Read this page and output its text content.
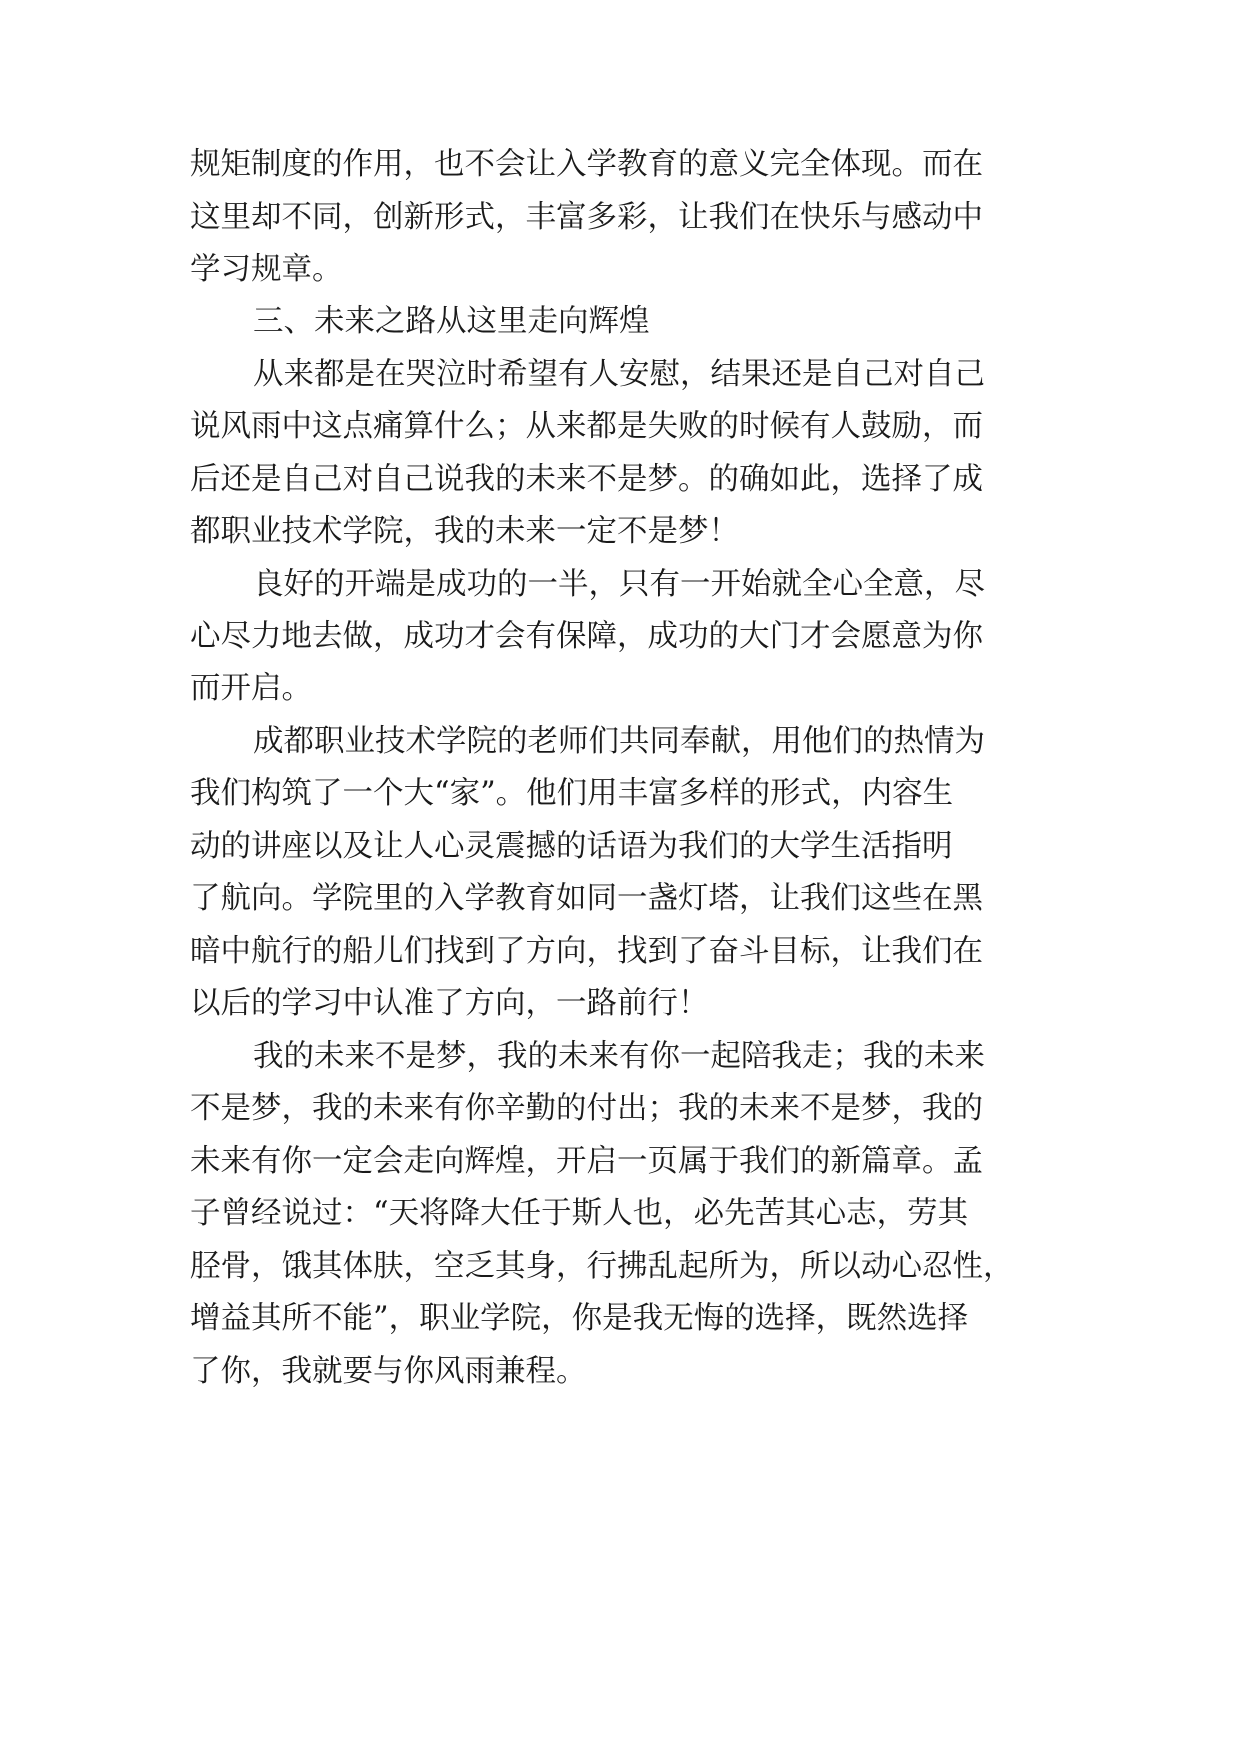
规矩制度的作用，也不会让入学教育的意义完全体现。而在
这里却不同，创新形式，丰富多彩，让我们在快乐与感动中
学习规章。
三、未来之路从这里走向辉煌
从来都是在哭泣时希望有人安慰，结果还是自己对自己
说风雨中这点痛算什么；从来都是失败的时候有人鼓励，而
后还是自己对自己说我的未来不是梦。的确如此，选择了成
都职业技术学院，我的未来一定不是梦！
良好的开端是成功的一半，只有一开始就全心全意，尽
心尽力地去做，成功才会有保障，成功的大门才会愿意为你
而开启。
成都职业技术学院的老师们共同奉献，用他们的热情为
我们构筑了一个大“家”。他们用丰富多样的形式，内容生
动的讲座以及让人心灵震撼的话语为我们的大学生活指明
了航向。学院里的入学教育如同一盏灯塔，让我们这些在黑
暗中航行的船儿们找到了方向，找到了奋斗目标，让我们在
以后的学习中认准了方向，一路前行！
我的未来不是梦，我的未来有你一起陪我走；我的未来
不是梦，我的未来有你辛勤的付出；我的未来不是梦，我的
未来有你一定会走向辉煌，开启一页属于我们的新篇章。孟
子曾经说过：“天将降大任于斯人也，必先苦其心志，劳其
胫骨，饿其体肤，空乏其身，行拂乱起所为，所以动心忍性，
增益其所不能”，职业学院，你是我无悔的选择，既然选择
了你，我就要与你风雨兼程。
